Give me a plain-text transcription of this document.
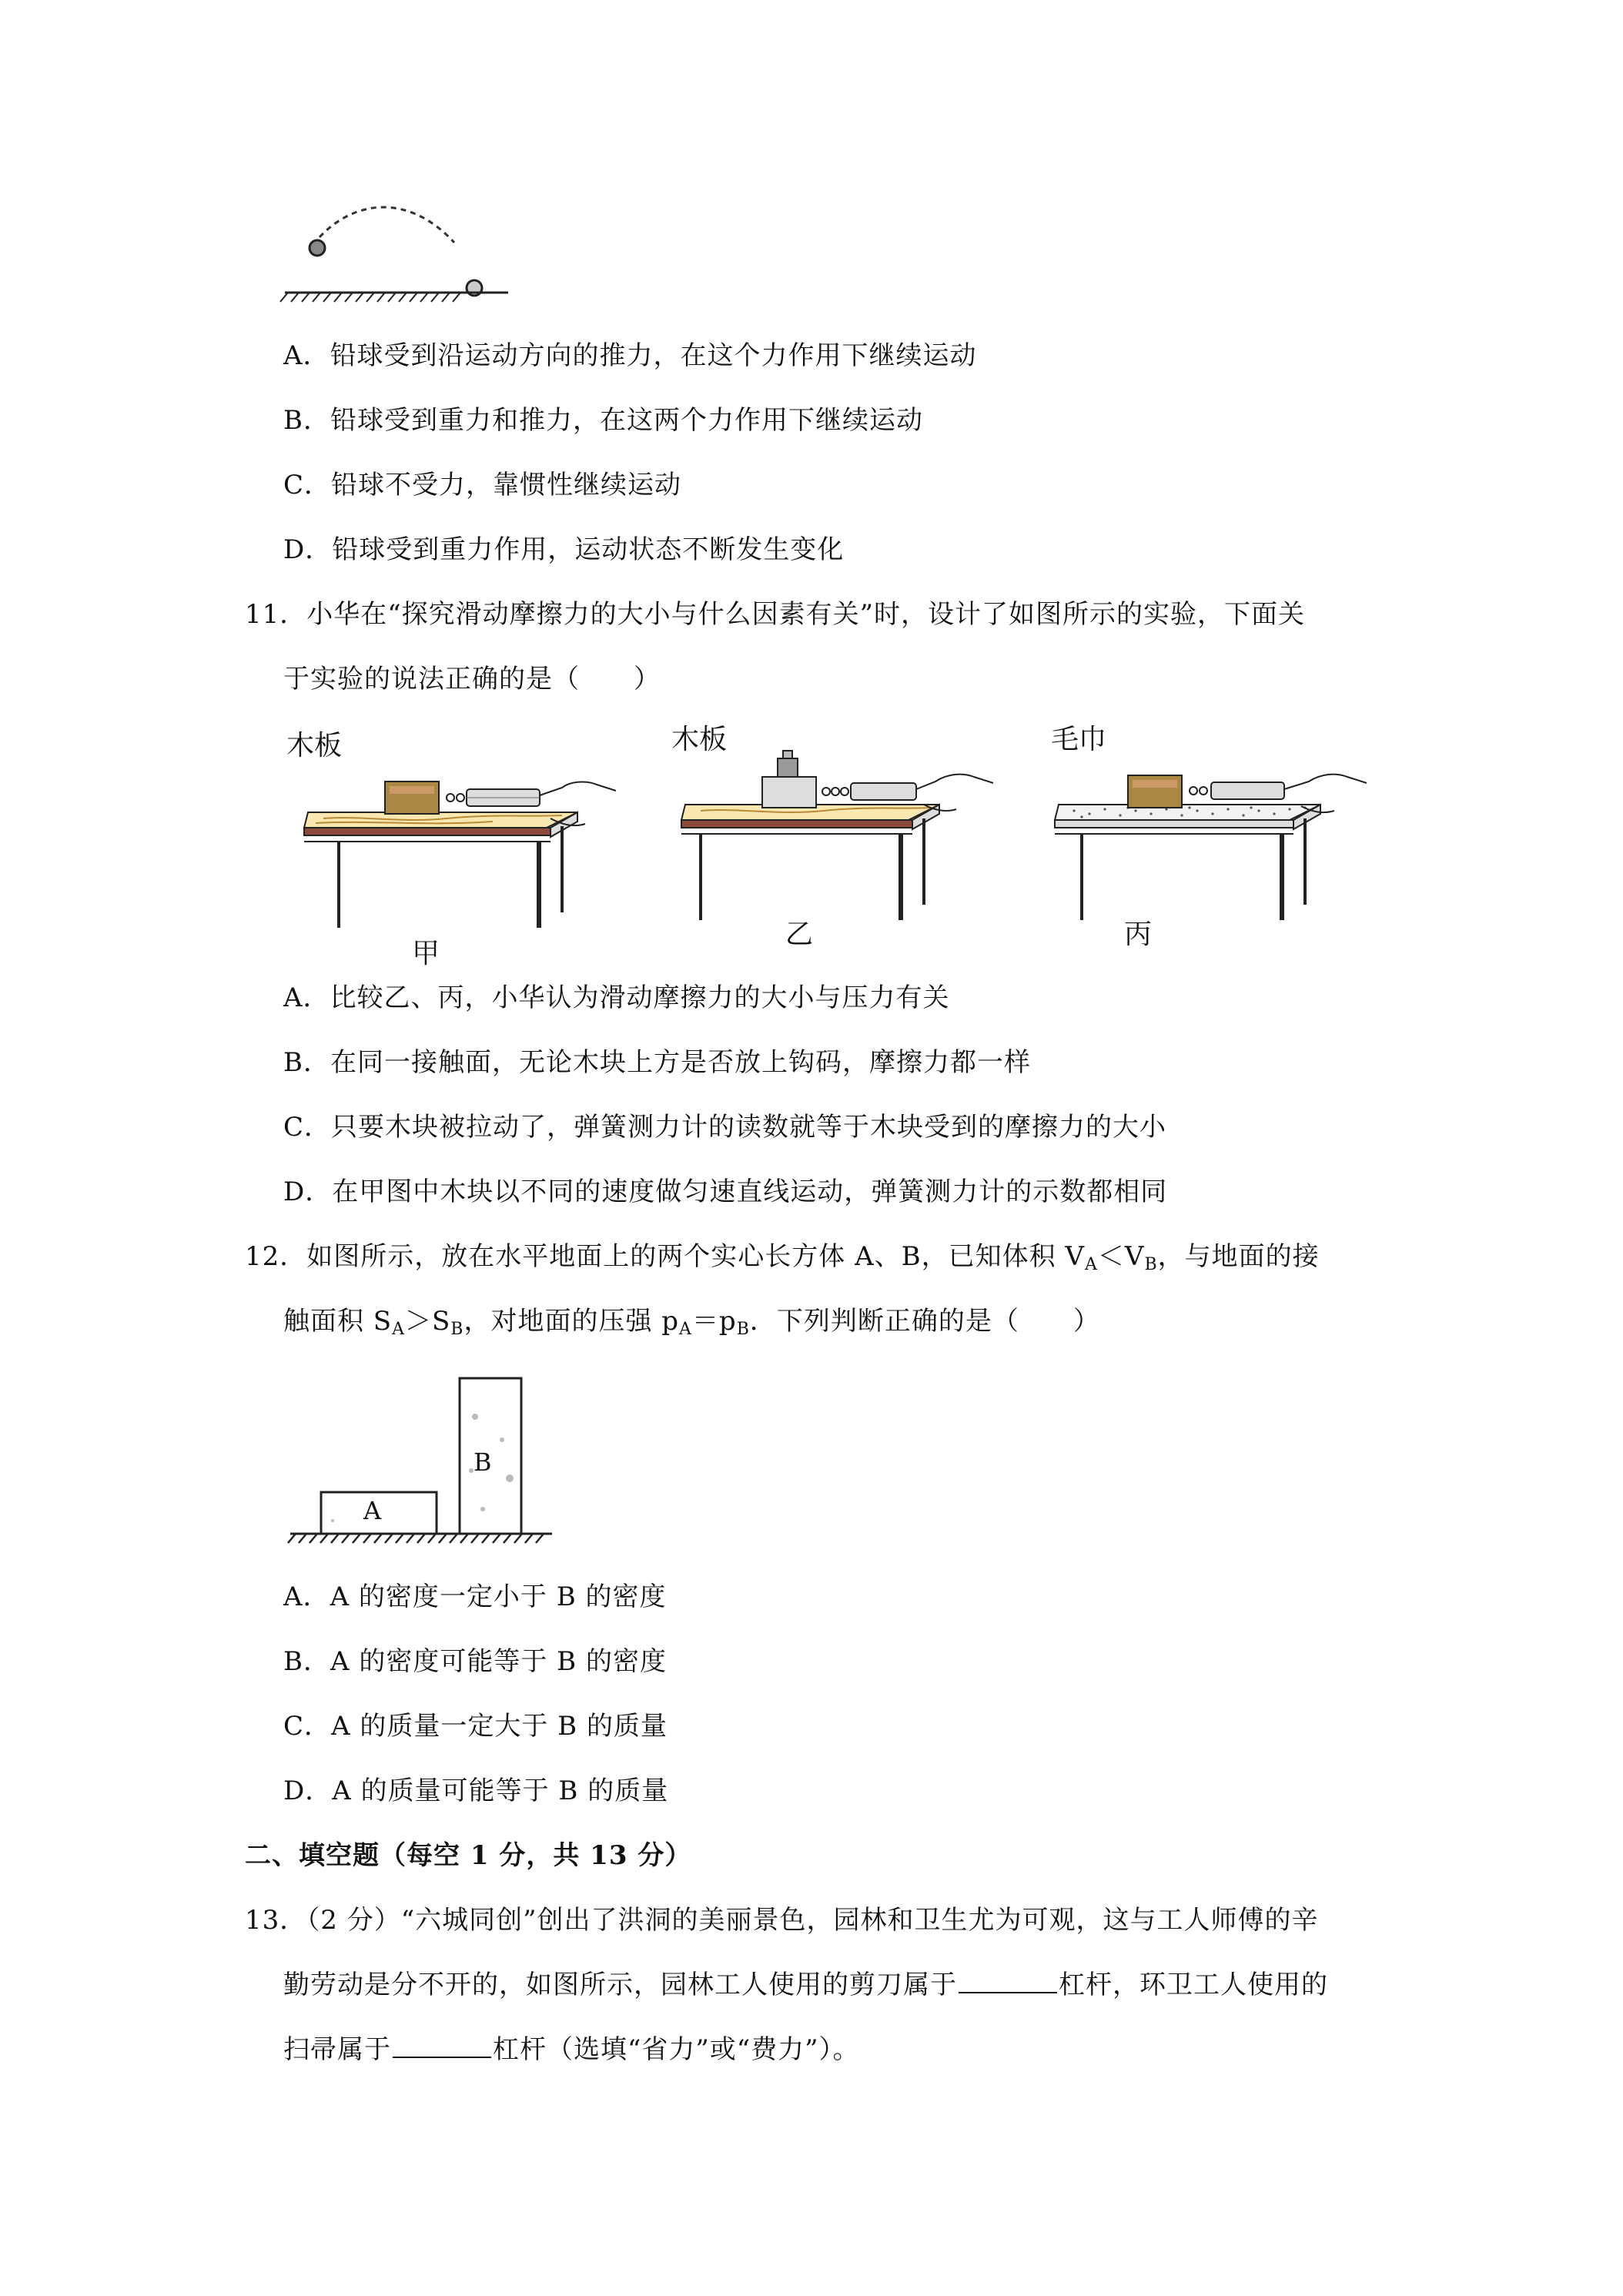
A．铅球受到沿运动方向的推力，在这个力作用下继续运动
B．铅球受到重力和推力，在这两个力作用下继续运动
C．铅球不受力，靠惯性继续运动
D．铅球受到重力作用，运动状态不断发生变化
11．小华在“探究滑动摩擦力的大小与什么因素有关”时，设计了如图所示的实验，下面关
于实验的说法正确的是（　　）
木板
甲
木板
乙
毛巾
丙
A．比较乙、丙，小华认为滑动摩擦力的大小与压力有关
B．在同一接触面，无论木块上方是否放上钩码，摩擦力都一样
C．只要木块被拉动了，弹簧测力计的读数就等于木块受到的摩擦力的大小
D．在甲图中木块以不同的速度做匀速直线运动，弹簧测力计的示数都相同
12．如图所示，放在水平地面上的两个实心长方体 A、B，已知体积 $V_A<V_B$，与地面的接
触面积 $S_A>S_B$，对地面的压强 $p_A=p_B$．下列判断正确的是（　　）
A
B
A．A 的密度一定小于 B 的密度
B．A 的密度可能等于 B 的密度
C．A 的质量一定大于 B 的质量
D．A 的质量可能等于 B 的质量
二、填空题（每空 1 分，共 13 分）
13．（2 分）“六城同创”创出了洪洞的美丽景色，园林和卫生尤为可观，这与工人师傅的辛
勤劳动是分不开的，如图所示，园林工人使用的剪刀属于	杠杆，环卫工人使用的
扫帚属于	杠杆（选填“省力”或“费力”）。
